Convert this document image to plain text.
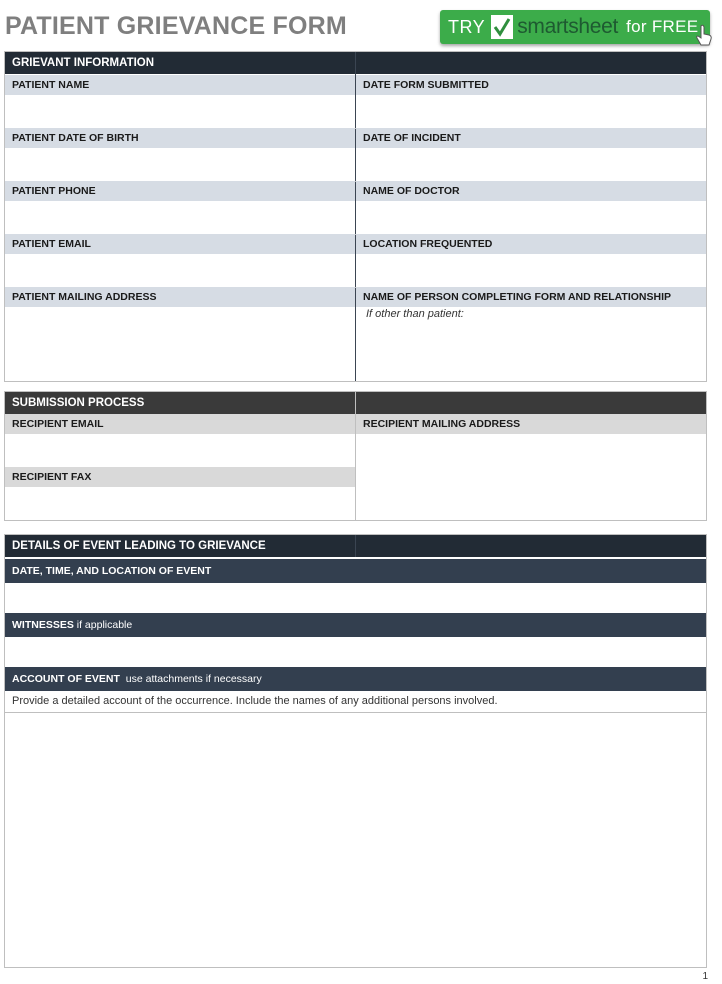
PATIENT GRIEVANCE FORM	TRY smartsheet for FREE
GRIEVANT INFORMATION
PATIENT NAME	DATE FORM SUBMITTED
PATIENT DATE OF BIRTH	DATE OF INCIDENT
PATIENT PHONE	NAME OF DOCTOR
PATIENT EMAIL	LOCATION FREQUENTED
PATIENT MAILING ADDRESS	NAME OF PERSON COMPLETING FORM AND RELATIONSHIP
If other than patient:
SUBMISSION PROCESS
RECIPIENT EMAIL	RECIPIENT MAILING ADDRESS
RECIPIENT FAX
DETAILS OF EVENT LEADING TO GRIEVANCE
DATE, TIME, AND LOCATION OF EVENT
WITNESSES if applicable
ACCOUNT OF EVENT use attachments if necessary
Provide a detailed account of the occurrence. Include the names of any additional persons involved.
1
